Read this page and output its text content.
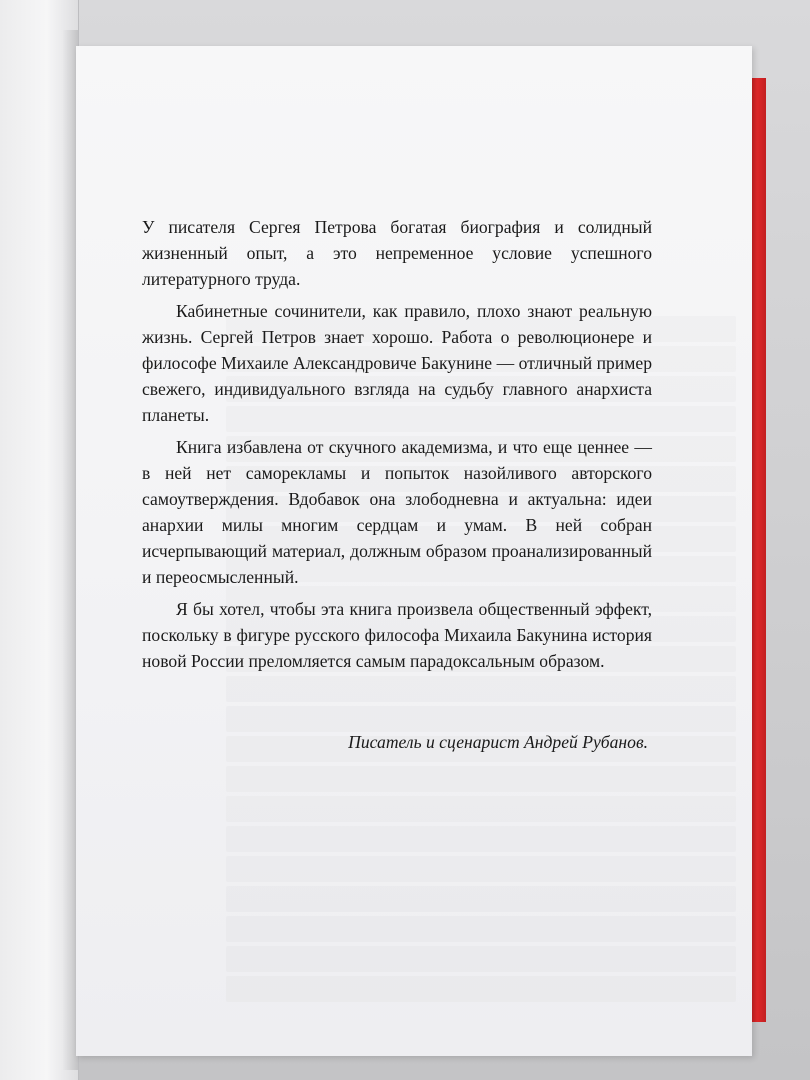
У писателя Сергея Петрова богатая биография и солидный жизненный опыт, а это непременное условие успешного литературного труда.

Кабинетные сочинители, как правило, плохо знают реальную жизнь. Сергей Петров знает хорошо. Работа о революционере и философе Михаиле Александровиче Бакунине — отличный пример свежего, индивидуального взгляда на судьбу главного анархиста планеты.

Книга избавлена от скучного академизма, и что еще ценнее — в ней нет саморекламы и попыток назойливого авторского самоутверждения. Вдобавок она злободневна и актуальна: идеи анархии милы многим сердцам и умам. В ней собран исчерпывающий материал, должным образом проанализированный и переосмысленный.

Я бы хотел, чтобы эта книга произвела общественный эффект, поскольку в фигуре русского философа Михаила Бакунина история новой России преломляется самым парадоксальным образом.

Писатель и сценарист Андрей Рубанов.
